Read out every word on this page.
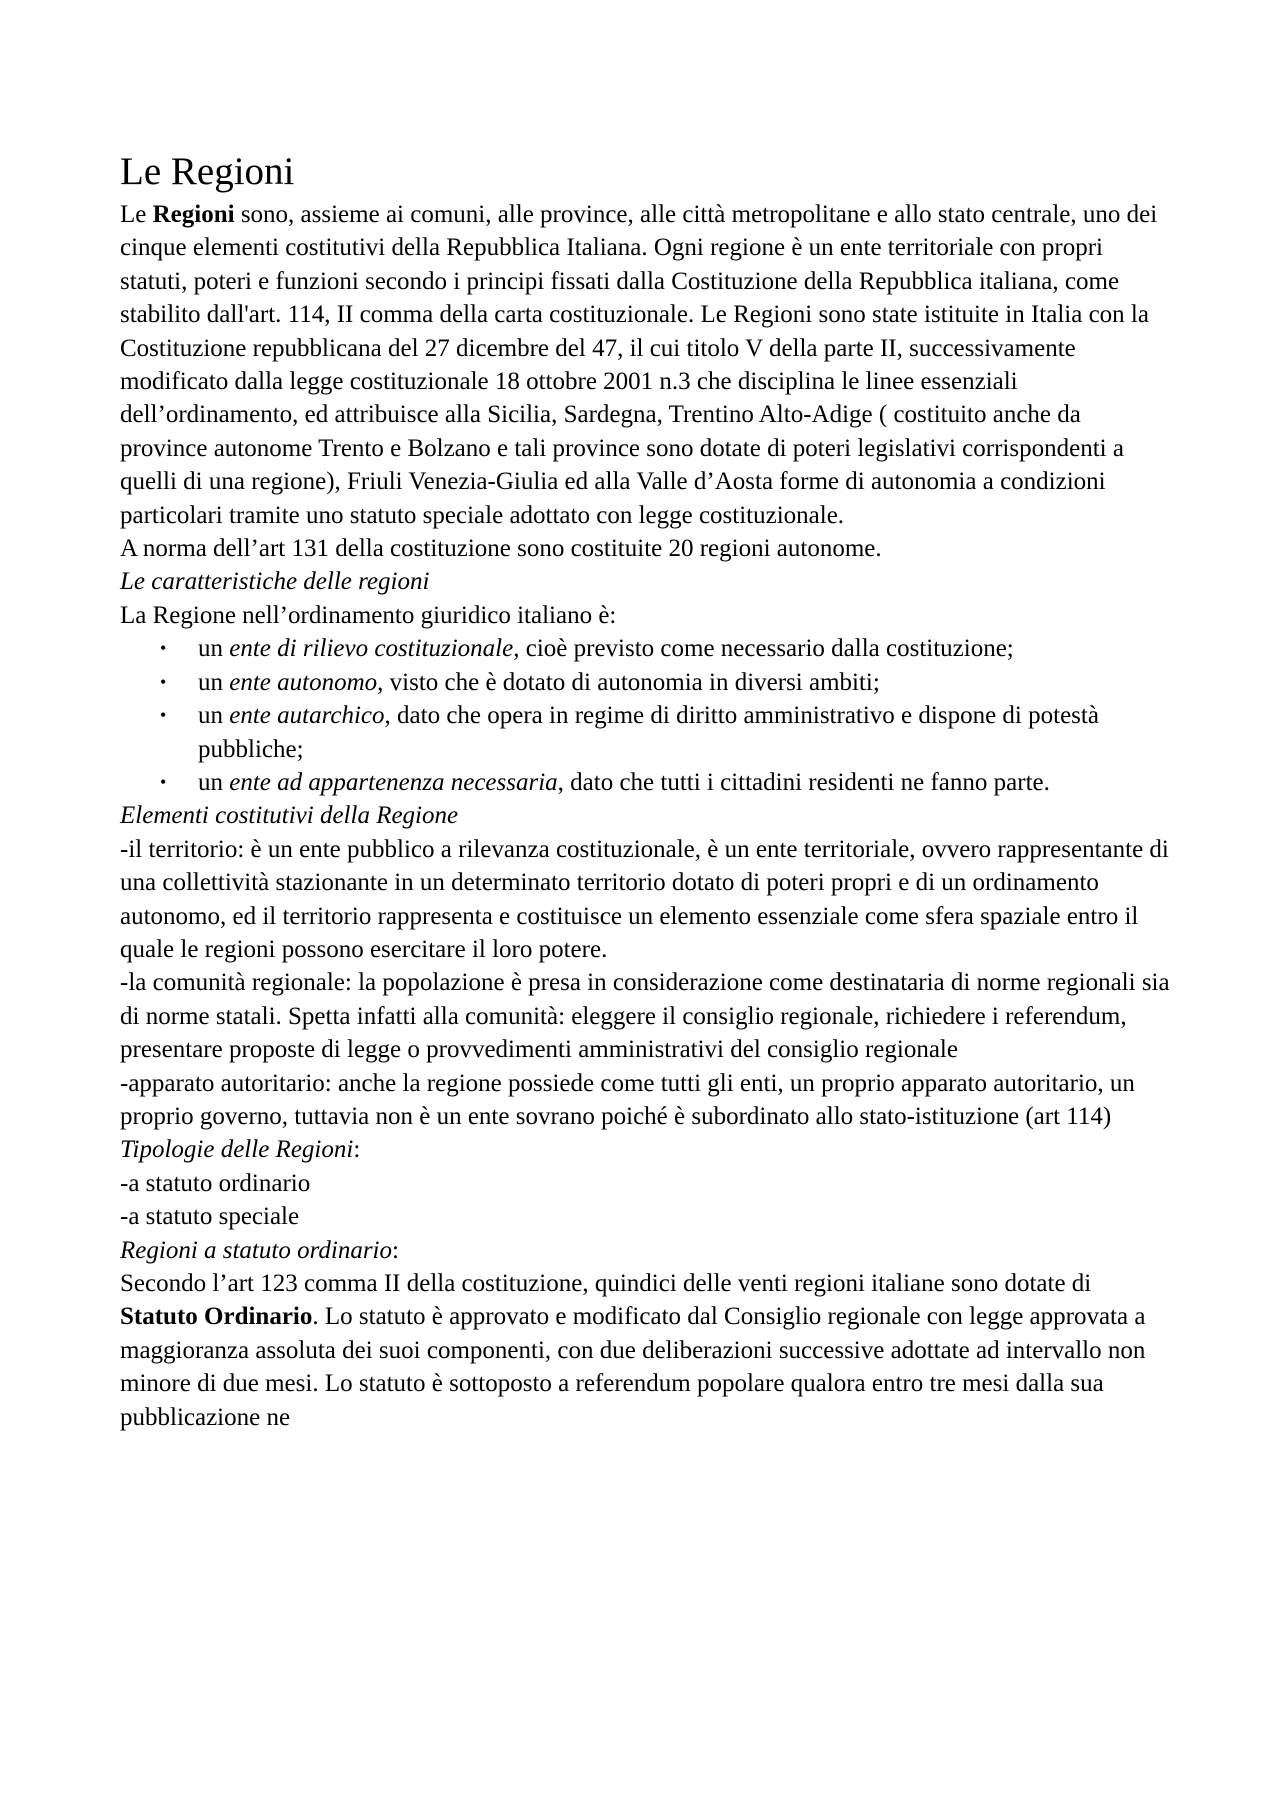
Le Regioni

Le Regioni sono, assieme ai comuni, alle province, alle città metropolitane e allo stato centrale, uno dei cinque elementi costitutivi della Repubblica Italiana. Ogni regione è un ente territoriale con propri statuti, poteri e funzioni secondo i principi fissati dalla Costituzione della Repubblica italiana, come stabilito dall'art. 114, II comma della carta costituzionale. Le Regioni sono state istituite in Italia con la Costituzione repubblicana del 27 dicembre del 47, il cui titolo V della parte II, successivamente modificato dalla legge costituzionale 18 ottobre 2001 n.3 che disciplina le linee essenziali dell’ordinamento, ed attribuisce alla Sicilia, Sardegna, Trentino Alto-Adige ( costituito anche da province autonome Trento e Bolzano e tali province sono dotate di poteri legislativi corrispondenti a quelli di una regione), Friuli Venezia-Giulia ed alla Valle d’Aosta forme di autonomia a condizioni particolari tramite uno statuto speciale adottato con legge costituzionale.

A norma dell’art 131 della costituzione sono costituite 20 regioni autonome.

Le caratteristiche delle regioni

La Regione nell’ordinamento giuridico italiano è:

• un ente di rilievo costituzionale, cioè previsto come necessario dalla costituzione;
• un ente autonomo, visto che è dotato di autonomia in diversi ambiti;
• un ente autarchico, dato che opera in regime di diritto amministrativo e dispone di potestà pubbliche;
• un ente ad appartenenza necessaria, dato che tutti i cittadini residenti ne fanno parte.

Elementi costitutivi della Regione

-il territorio: è un ente pubblico a rilevanza costituzionale, è un ente territoriale, ovvero rappresentante di una collettività stazionante in un determinato territorio dotato di poteri propri e di un ordinamento autonomo, ed il territorio rappresenta e costituisce un elemento essenziale come sfera spaziale entro il quale le regioni possono esercitare il loro potere.

-la comunità regionale: la popolazione è presa in considerazione come destinataria di norme regionali sia di norme statali. Spetta infatti alla comunità: eleggere il consiglio regionale, richiedere i referendum, presentare proposte di legge o provvedimenti amministrativi del consiglio regionale

-apparato autoritario: anche la regione possiede come tutti gli enti, un proprio apparato autoritario, un proprio governo, tuttavia non è un ente sovrano poiché è subordinato allo stato-istituzione (art 114)

Tipologie delle Regioni:

-a statuto ordinario

-a statuto speciale

Regioni a statuto ordinario:

Secondo l’art 123 comma II della costituzione, quindici delle venti regioni italiane sono dotate di Statuto Ordinario. Lo statuto è approvato e modificato dal Consiglio regionale con legge approvata a maggioranza assoluta dei suoi componenti, con due deliberazioni successive adottate ad intervallo non minore di due mesi. Lo statuto è sottoposto a referendum popolare qualora entro tre mesi dalla sua pubblicazione ne
